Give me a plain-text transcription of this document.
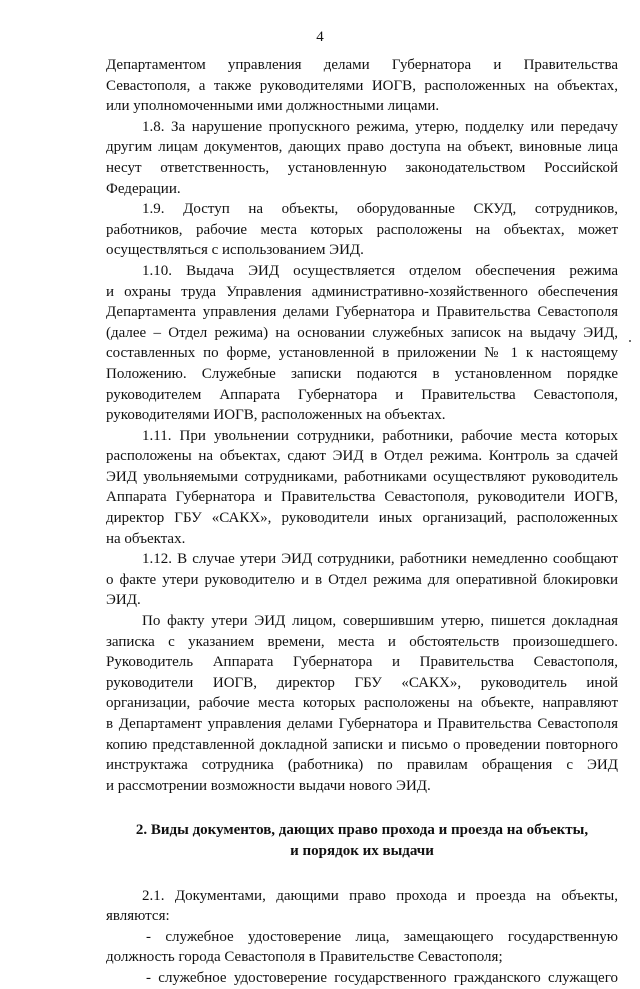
4
Департаментом управления делами Губернатора и Правительства
Севастополя, а также руководителями ИОГВ, расположенных на объектах,
или уполномоченными ими должностными лицами.
1.8. За нарушение пропускного режима, утерю, подделку или передачу
другим лицам документов, дающих право доступа на объект, виновные лица
несут ответственность, установленную законодательством Российской
Федерации.
1.9. Доступ на объекты, оборудованные СКУД, сотрудников,
работников, рабочие места которых расположены на объектах, может
осуществляться с использованием ЭИД.
1.10. Выдача ЭИД осуществляется отделом обеспечения режима
и охраны труда Управления административно-хозяйственного обеспечения
Департамента управления делами Губернатора и Правительства Севастополя
(далее – Отдел режима) на основании служебных записок на выдачу ЭИД,
составленных по форме, установленной в приложении № 1 к настоящему
Положению. Служебные записки подаются в установленном порядке
руководителем Аппарата Губернатора и Правительства Севастополя,
руководителями ИОГВ, расположенных на объектах.
1.11. При увольнении сотрудники, работники, рабочие места которых
расположены на объектах, сдают ЭИД в Отдел режима. Контроль за сдачей
ЭИД увольняемыми сотрудниками, работниками осуществляют руководитель
Аппарата Губернатора и Правительства Севастополя, руководители ИОГВ,
директор ГБУ «САКХ», руководители иных организаций, расположенных
на объектах.
1.12. В случае утери ЭИД сотрудники, работники немедленно сообщают
о факте утери руководителю и в Отдел режима для оперативной блокировки
ЭИД.
По факту утери ЭИД лицом, совершившим утерю, пишется докладная
записка с указанием времени, места и обстоятельств произошедшего.
Руководитель Аппарата Губернатора и Правительства Севастополя,
руководители ИОГВ, директор ГБУ «САКХ», руководитель иной
организации, рабочие места которых расположены на объекте, направляют
в Департамент управления делами Губернатора и Правительства Севастополя
копию представленной докладной записки и письмо о проведении повторного
инструктажа сотрудника (работника) по правилам обращения с ЭИД
и рассмотрении возможности выдачи нового ЭИД.
2. Виды документов, дающих право прохода и проезда на объекты,
и порядок их выдачи
2.1. Документами, дающими право прохода и проезда на объекты,
являются:
- служебное удостоверение лица, замещающего государственную
должность города Севастополя в Правительстве Севастополя;
- служебное удостоверение государственного гражданского служащего
